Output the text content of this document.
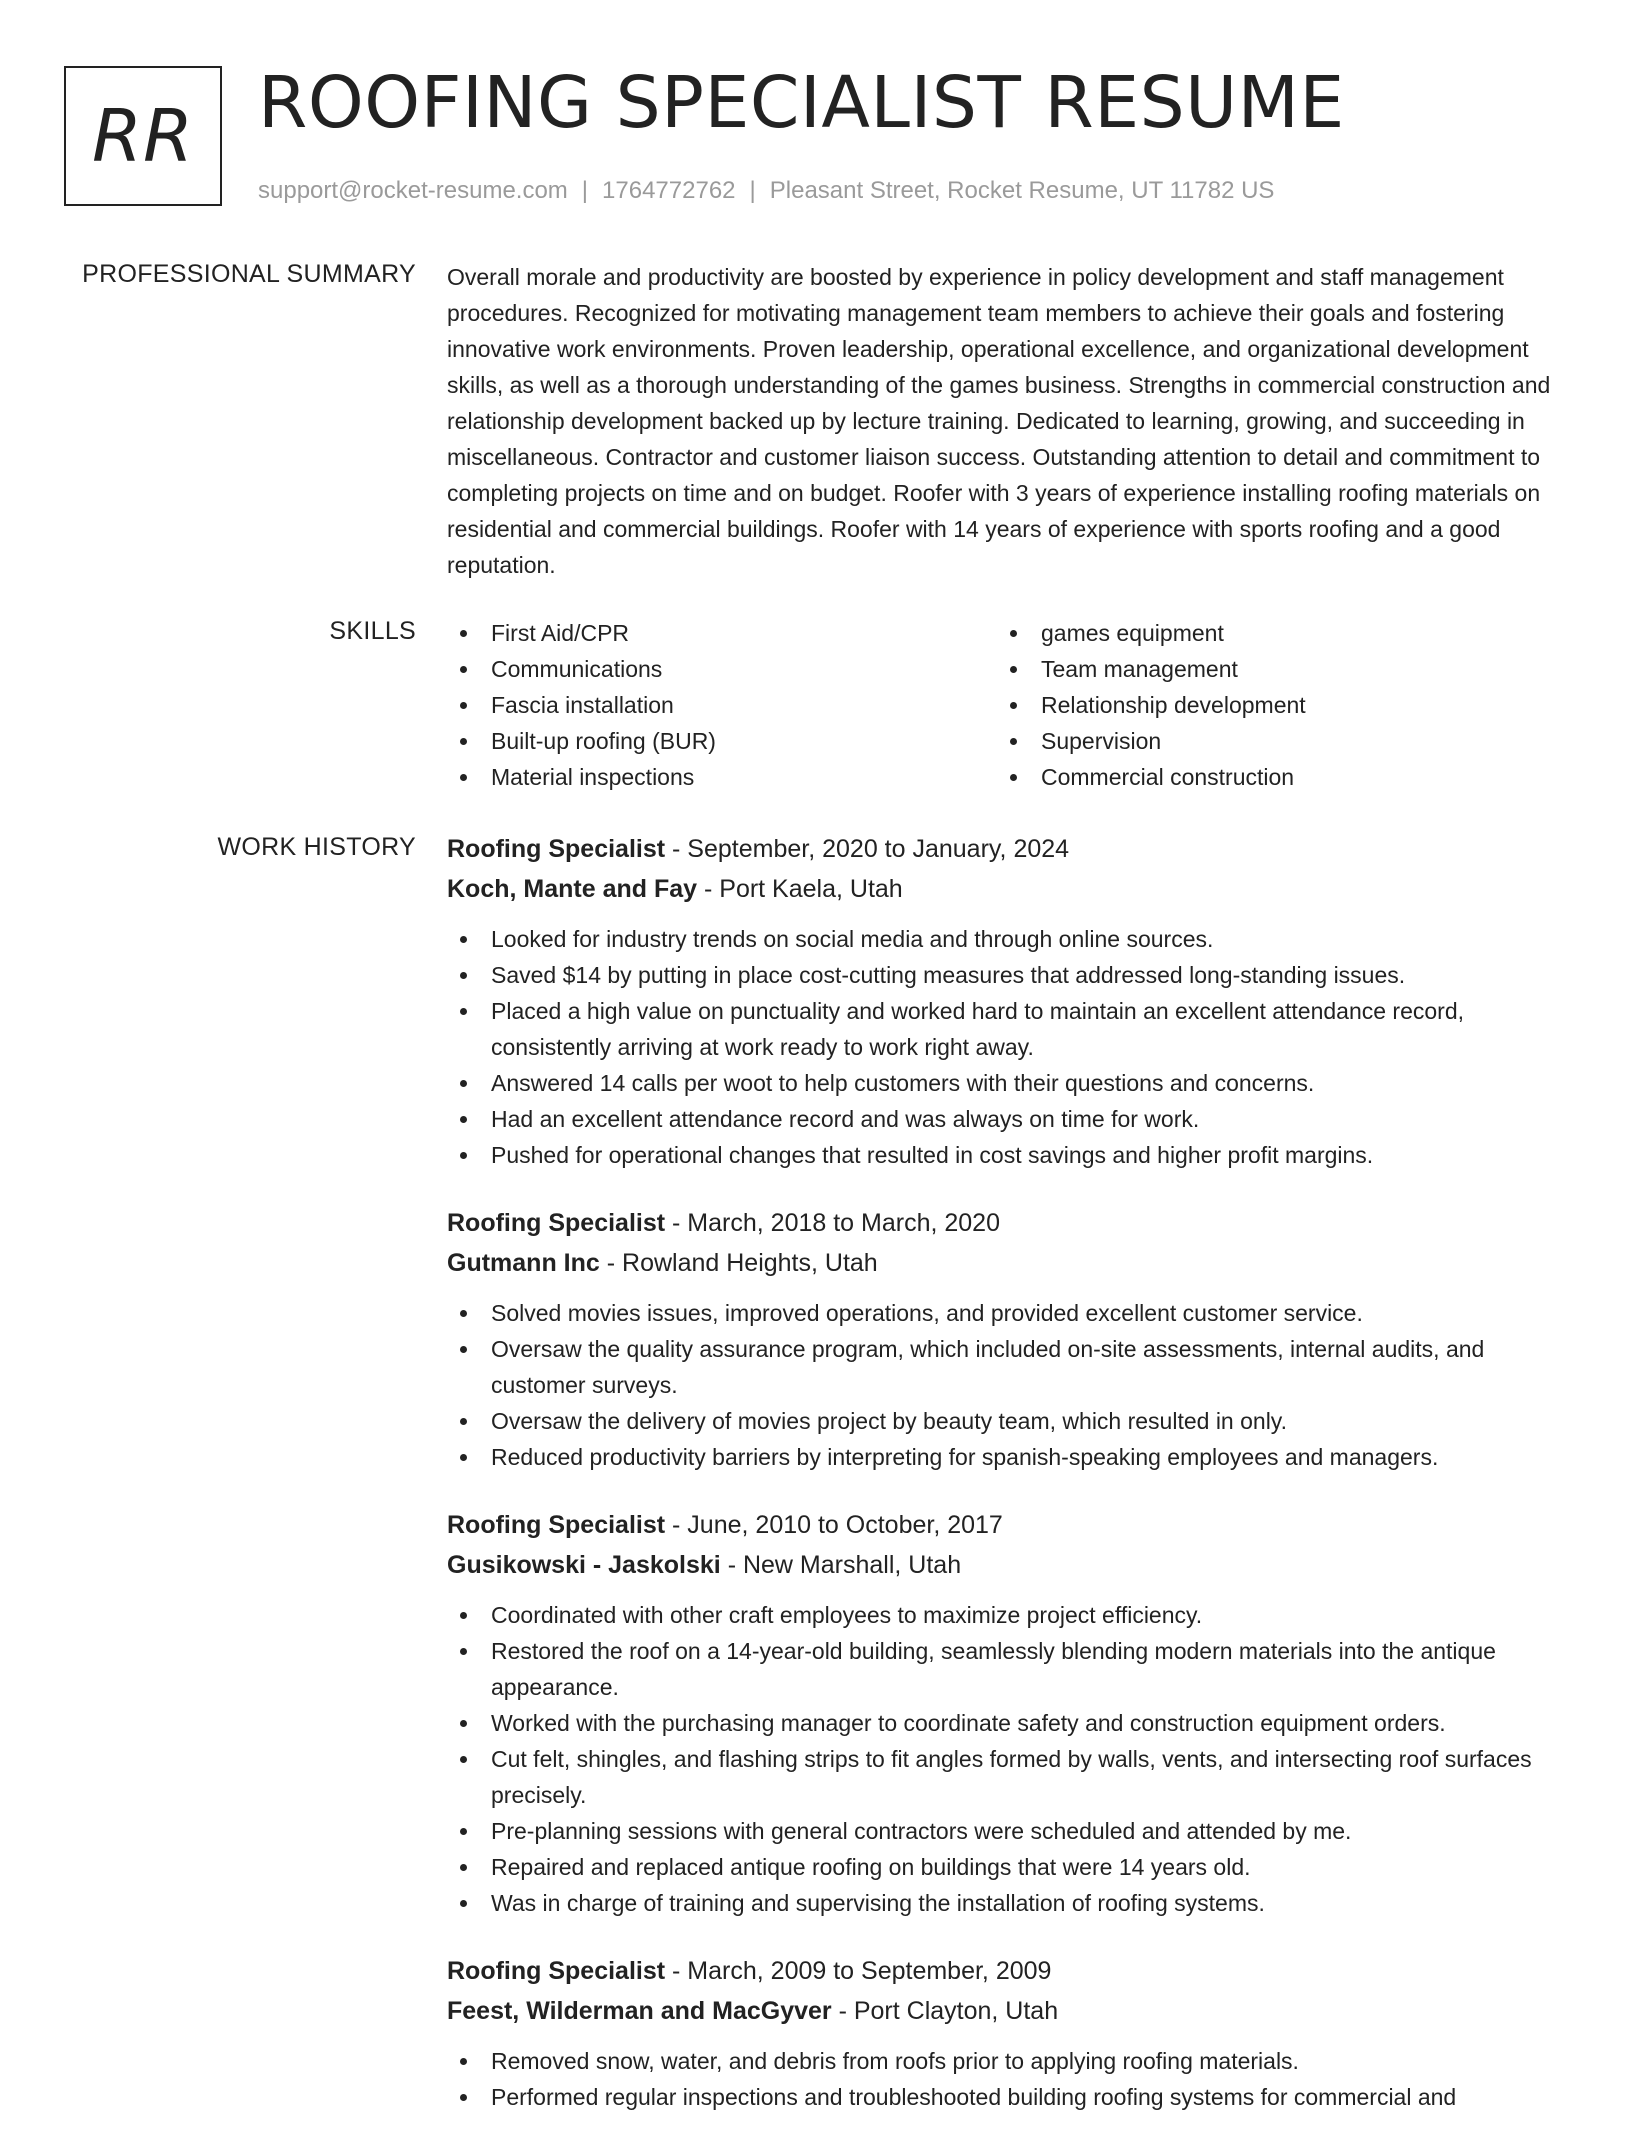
RR ROOFING SPECIALIST RESUME
support@rocket-resume.com | 1764772762 | Pleasant Street, Rocket Resume, UT 11782 US
PROFESSIONAL SUMMARY Overall morale and productivity are boosted by experience in policy development and staff management procedures. Recognized for motivating management team members to achieve their goals and fostering innovative work environments. Proven leadership, operational excellence, and organizational development skills, as well as a thorough understanding of the games business. Strengths in commercial construction and relationship development backed up by lecture training. Dedicated to learning, growing, and succeeding in miscellaneous. Contractor and customer liaison success. Outstanding attention to detail and commitment to completing projects on time and on budget. Roofer with 3 years of experience installing roofing materials on residential and commercial buildings. Roofer with 14 years of experience with sports roofing and a good reputation.

SKILLS	First Aid/CPR
Communications
Fascia installation
Built-up roofing (BUR)
Material inspections
games equipment
Team management
Relationship development
Supervision
Commercial construction
WORK HISTORY Roofing Specialist - September, 2020 to January, 2024
Koch, Mante and Fay - Port Kaela, Utah
Looked for industry trends on social media and through online sources.
Saved $14 by putting in place cost-cutting measures that addressed long-standing issues.
Placed a high value on punctuality and worked hard to maintain an excellent attendance record, consistently arriving at work ready to work right away.
Answered 14 calls per woot to help customers with their questions and concerns.
Had an excellent attendance record and was always on time for work.
Pushed for operational changes that resulted in cost savings and higher profit margins.
Roofing Specialist - March, 2018 to March, 2020
Gutmann Inc - Rowland Heights, Utah
Solved movies issues, improved operations, and provided excellent customer service.
Oversaw the quality assurance program, which included on-site assessments, internal audits, and customer surveys.
Oversaw the delivery of movies project by beauty team, which resulted in only.
Reduced productivity barriers by interpreting for spanish-speaking employees and managers.
Roofing Specialist - June, 2010 to October, 2017
Gusikowski - Jaskolski - New Marshall, Utah
Coordinated with other craft employees to maximize project efficiency.
Restored the roof on a 14-year-old building, seamlessly blending modern materials into the antique appearance.
Worked with the purchasing manager to coordinate safety and construction equipment orders.
Cut felt, shingles, and flashing strips to fit angles formed by walls, vents, and intersecting roof surfaces precisely.
Pre-planning sessions with general contractors were scheduled and attended by me.
Repaired and replaced antique roofing on buildings that were 14 years old.
Was in charge of training and supervising the installation of roofing systems.
Roofing Specialist - March, 2009 to September, 2009
Feest, Wilderman and MacGyver - Port Clayton, Utah
Removed snow, water, and debris from roofs prior to applying roofing materials.
Performed regular inspections and troubleshooted building roofing systems for commercial and
